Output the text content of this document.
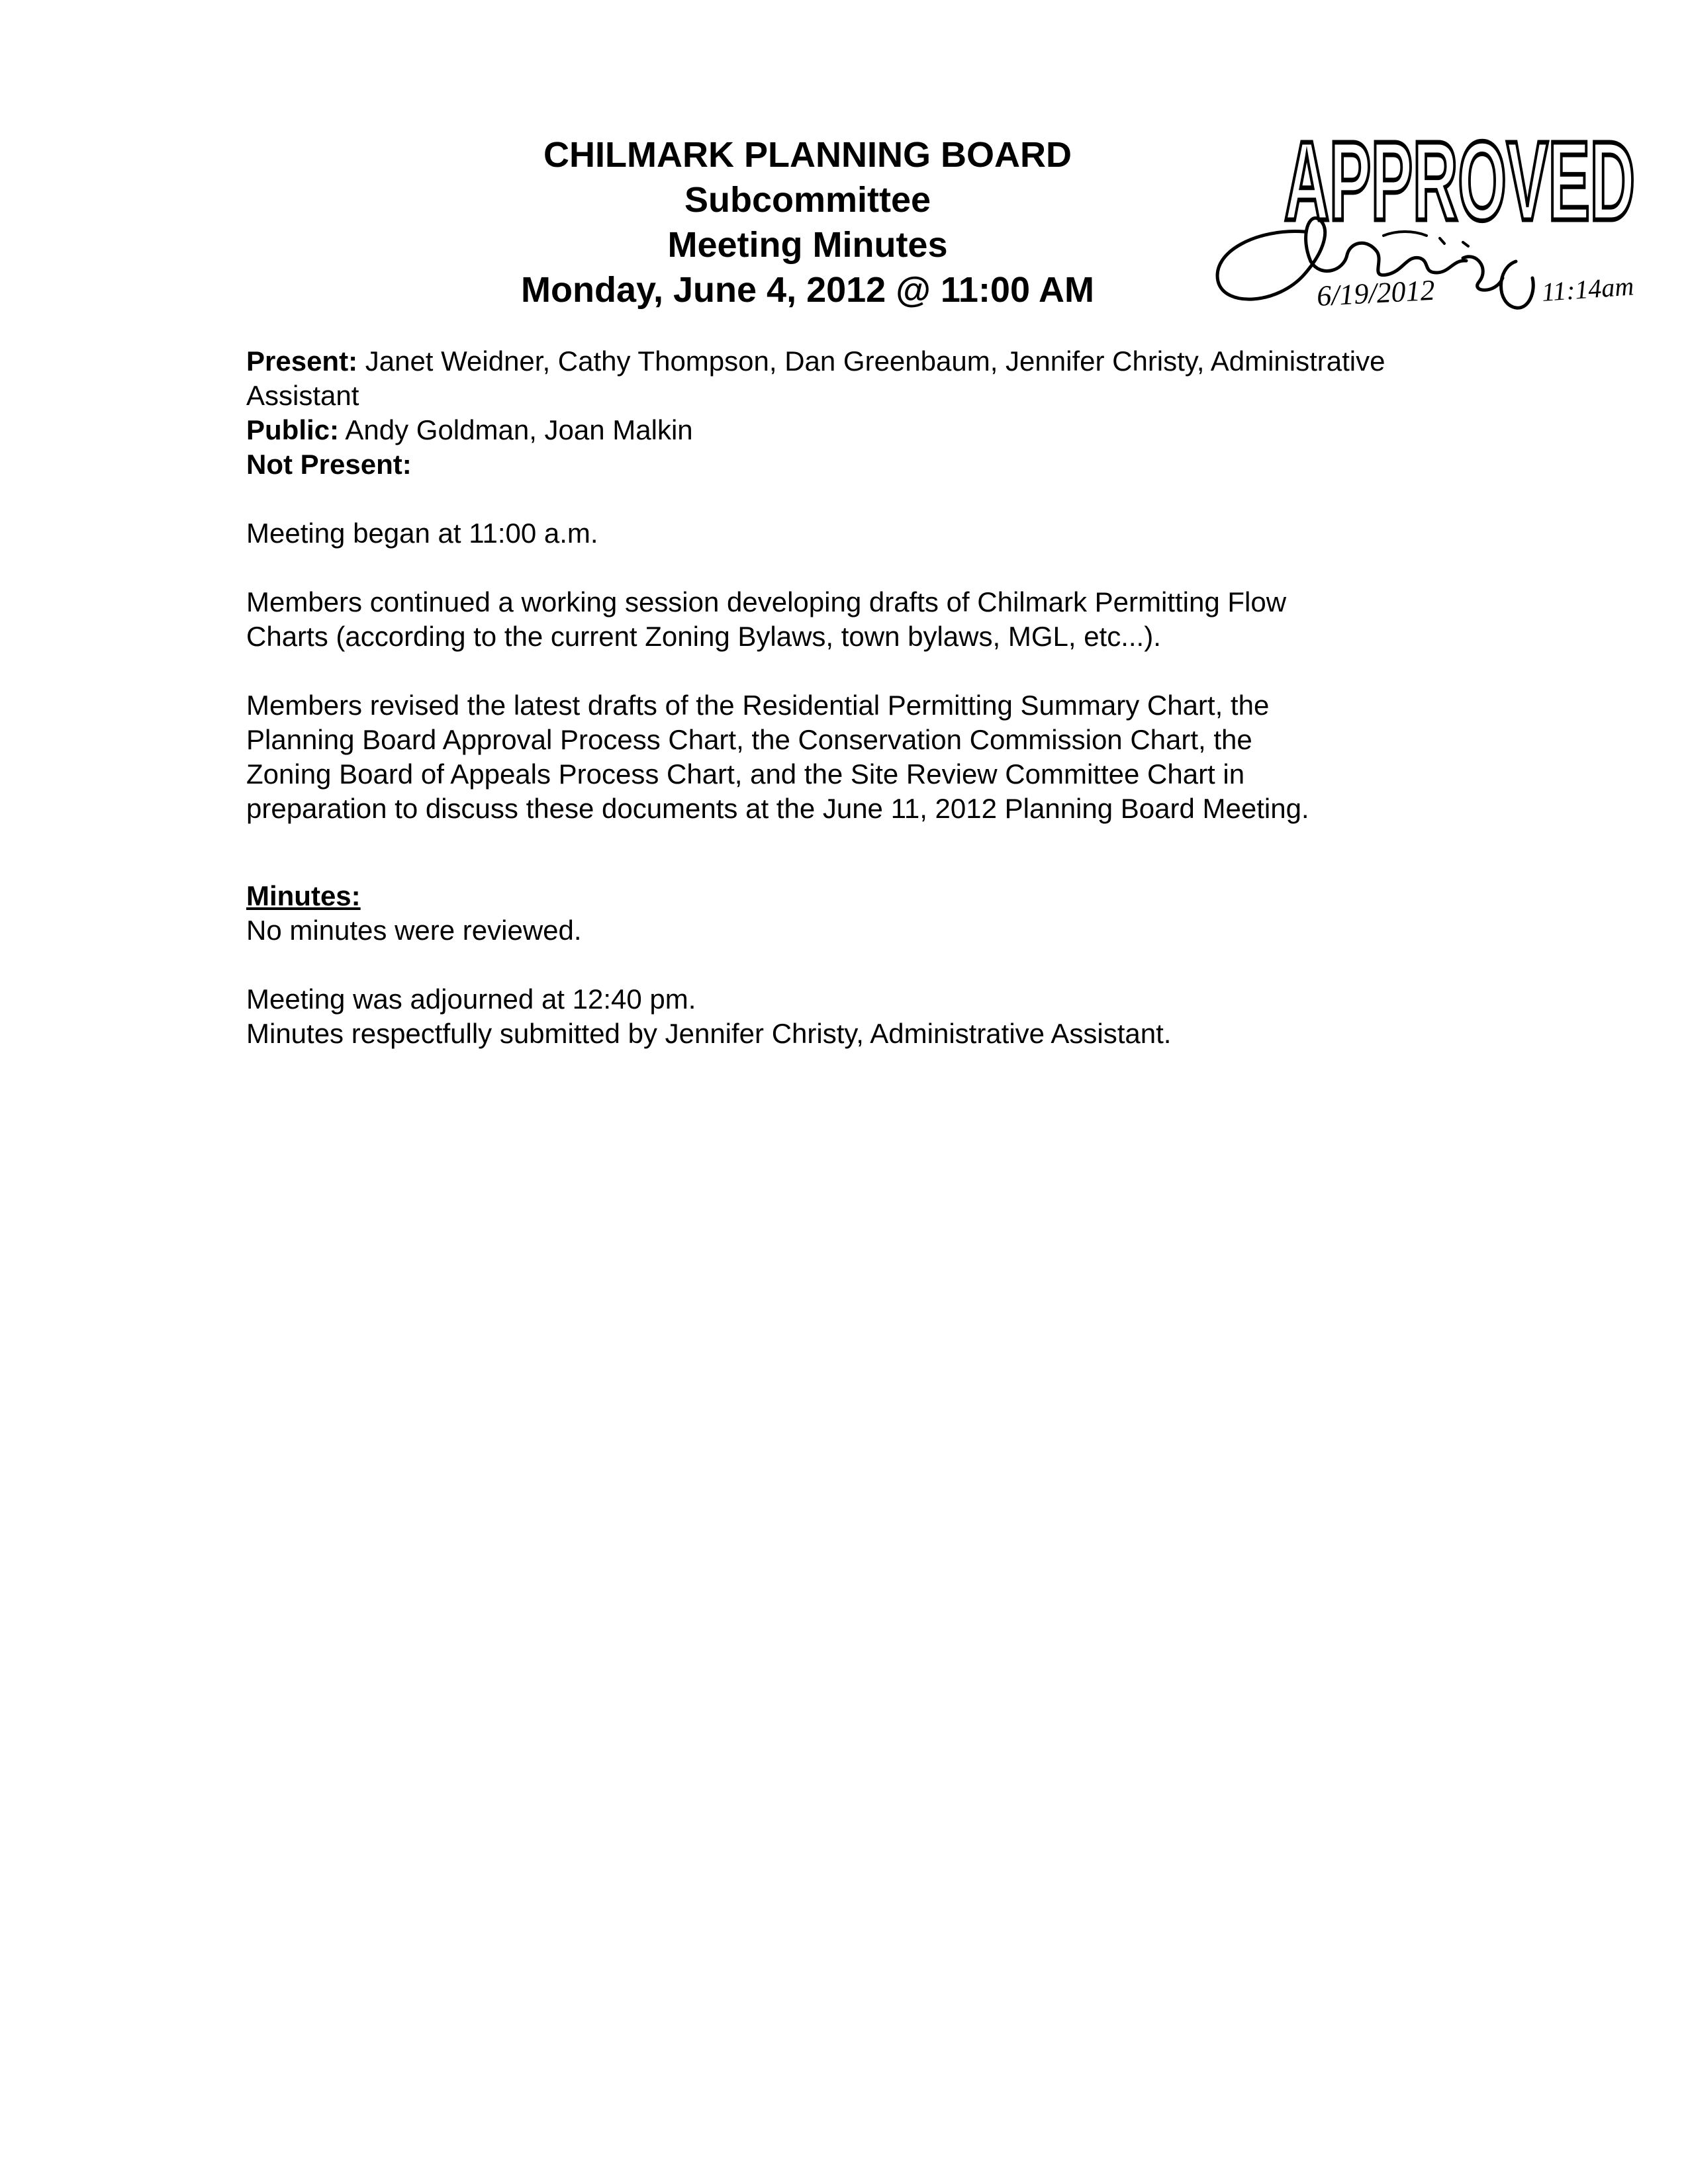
CHILMARK PLANNING BOARD
Subcommittee
Meeting Minutes
Monday, June 4, 2012 @ 11:00 AM
APPROVED
6/19/2012	11:14am
Present: Janet Weidner, Cathy Thompson, Dan Greenbaum, Jennifer Christy, Administrative
Assistant
Public: Andy Goldman, Joan Malkin
Not Present:
Meeting began at 11:00 a.m.
Members continued a working session developing drafts of Chilmark Permitting Flow
Charts (according to the current Zoning Bylaws, town bylaws, MGL, etc...).
Members revised the latest drafts of the Residential Permitting Summary Chart, the
Planning Board Approval Process Chart, the Conservation Commission Chart, the
Zoning Board of Appeals Process Chart, and the Site Review Committee Chart in
preparation to discuss these documents at the June 11, 2012 Planning Board Meeting.
Minutes:
No minutes were reviewed.
Meeting was adjourned at 12:40 pm.
Minutes respectfully submitted by Jennifer Christy, Administrative Assistant.
